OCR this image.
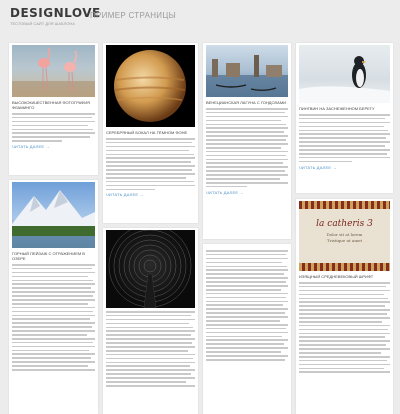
DESIGNLOVE
ТЕСТОВЫЙ САЙТ ДЛЯ ШАБЛОНА
ПРИМЕР СТРАНИЦЫ
ВЫСОКОКАЧЕСТВЕННАЯ ФОТОГРАФИЯ ФЛАМИНГО
ЧИТАТЬ ДАЛЕЕ →
СЕРЕБРЯНЫЙ БОКАЛ НА ТЁМНОМ ФОНЕ
ЧИТАТЬ ДАЛЕЕ →
ВЕНЕЦИАНСКАЯ ЛАГУНА С ГОНДОЛАМИ
ЧИТАТЬ ДАЛЕЕ →
ПИНГВИН НА ЗАСНЕЖЕННОМ БЕРЕГУ
ЧИТАТЬ ДАЛЕЕ →
ГОРНЫЙ ПЕЙЗАЖ С ОТРАЖЕНИЕМ В ОЗЕРЕ
la catheris 3
Dolor sit at lorem
Tristique ut amet
ИЗЯЩНЫЙ СРЕДНЕВЕКОВЫЙ ШРИФТ
